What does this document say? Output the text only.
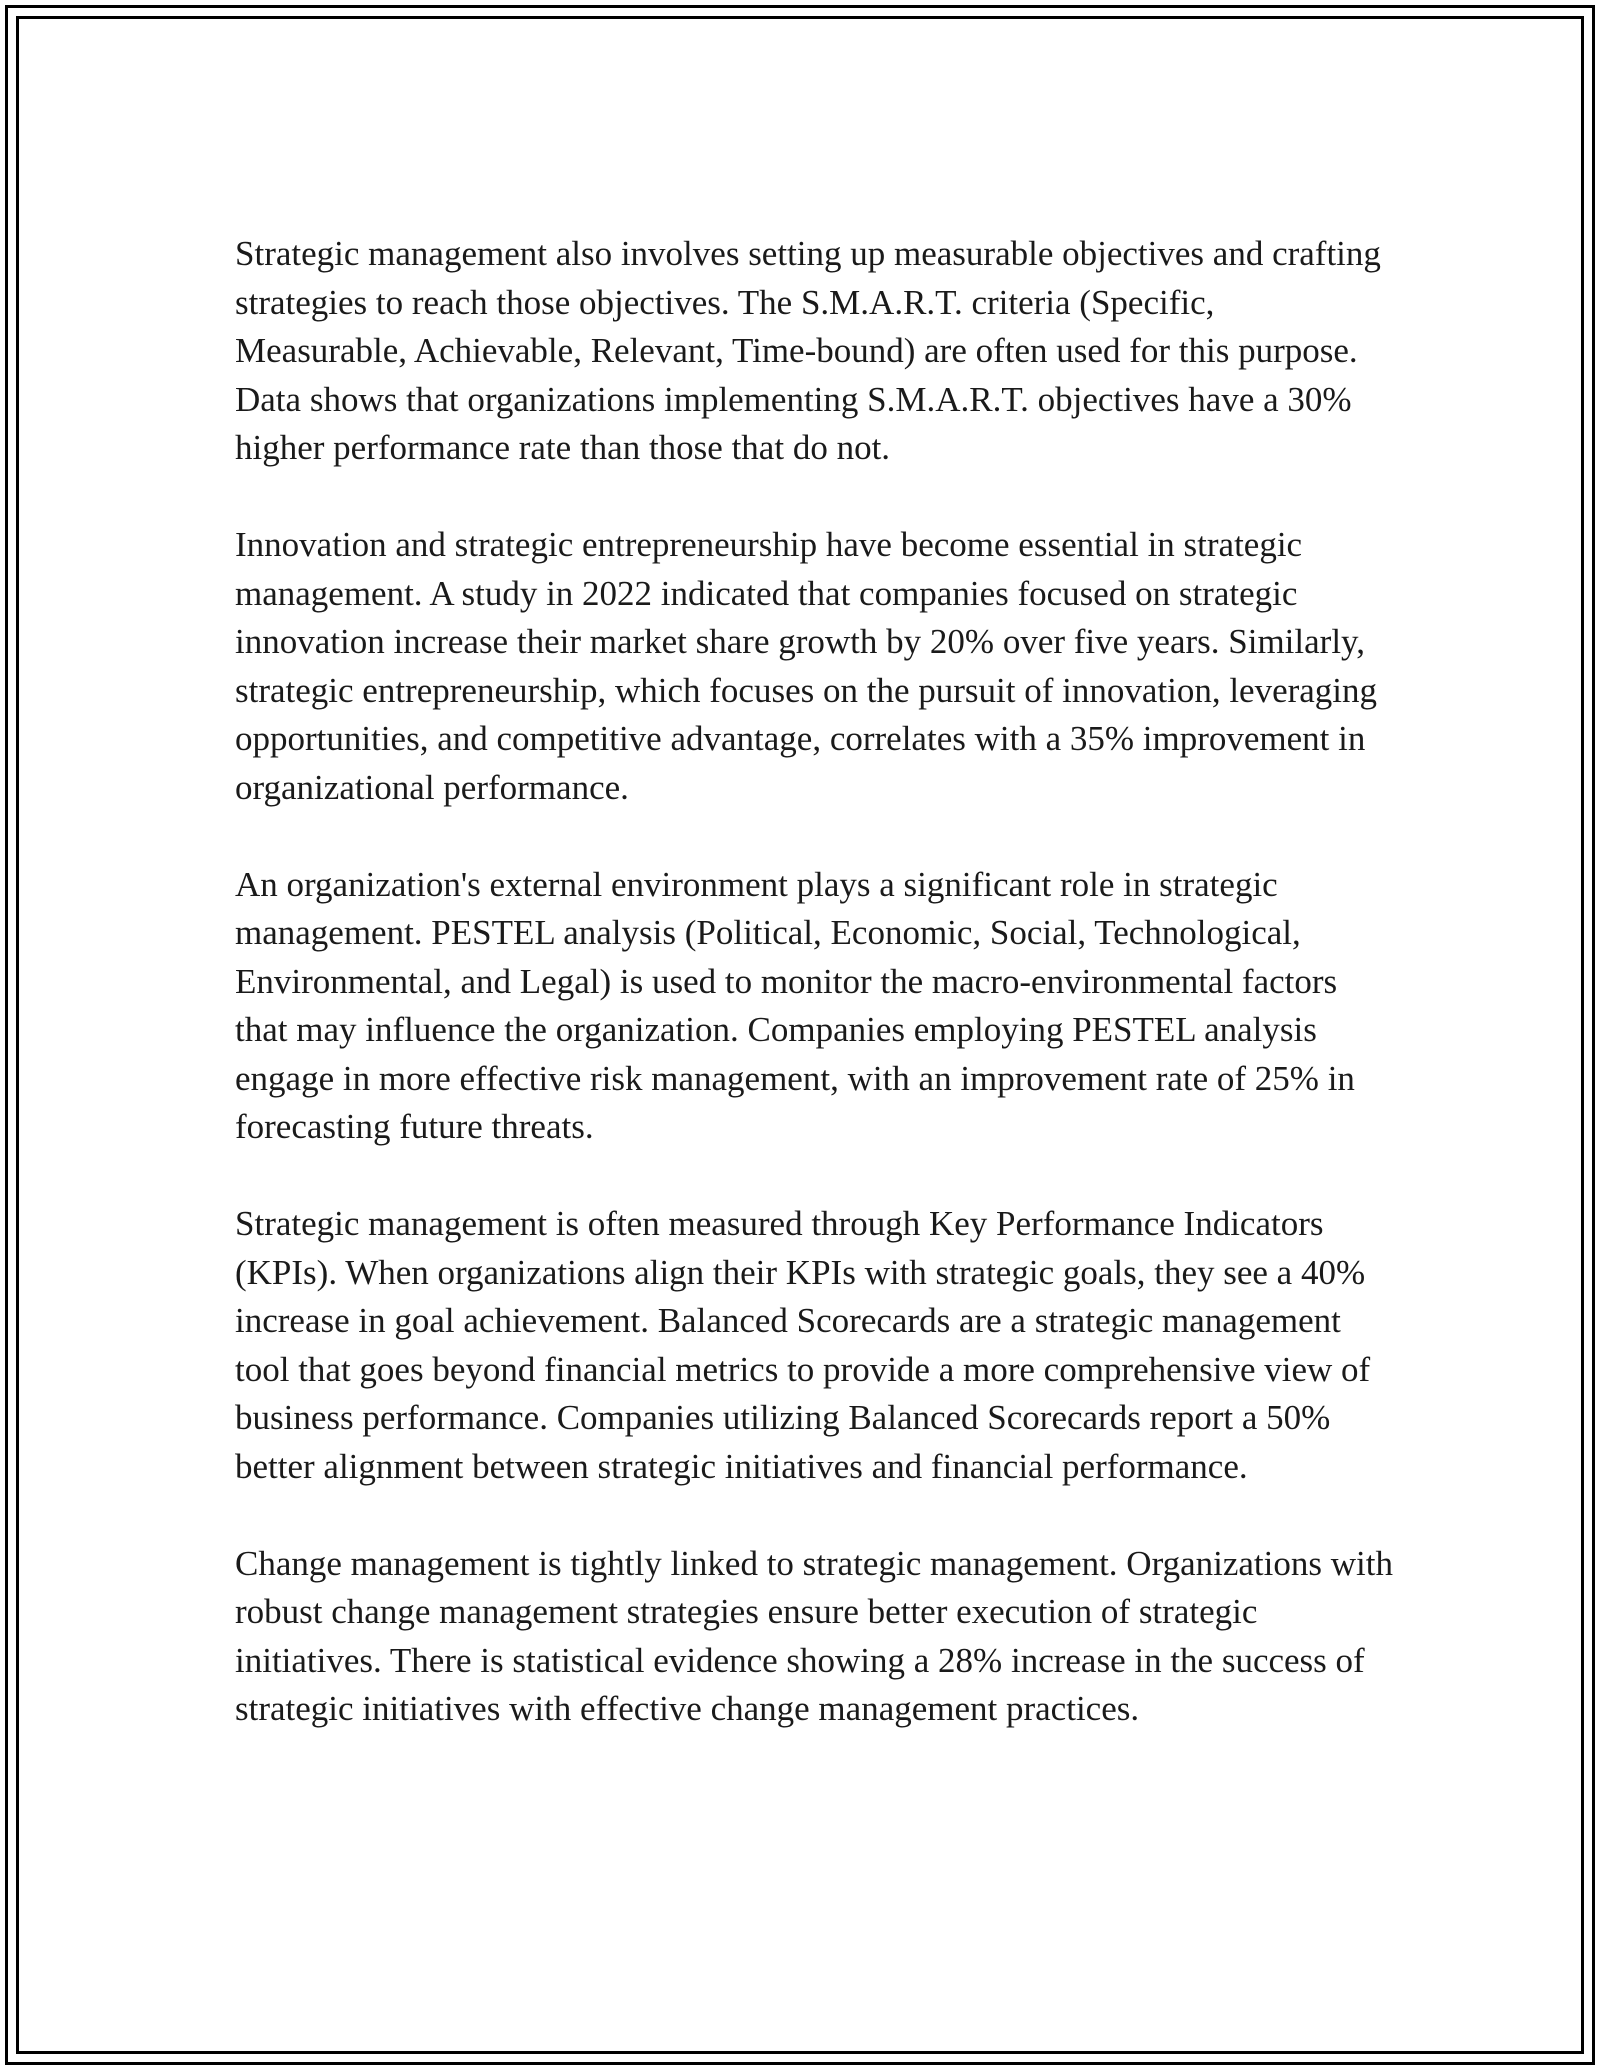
Strategic management also involves setting up measurable objectives and crafting strategies to reach those objectives. The S.M.A.R.T. criteria (Specific, Measurable, Achievable, Relevant, Time-bound) are often used for this purpose. Data shows that organizations implementing S.M.A.R.T. objectives have a 30% higher performance rate than those that do not.

Innovation and strategic entrepreneurship have become essential in strategic management. A study in 2022 indicated that companies focused on strategic innovation increase their market share growth by 20% over five years. Similarly, strategic entrepreneurship, which focuses on the pursuit of innovation, leveraging opportunities, and competitive advantage, correlates with a 35% improvement in organizational performance.

An organization's external environment plays a significant role in strategic management. PESTEL analysis (Political, Economic, Social, Technological, Environmental, and Legal) is used to monitor the macro-environmental factors that may influence the organization. Companies employing PESTEL analysis engage in more effective risk management, with an improvement rate of 25% in forecasting future threats.

Strategic management is often measured through Key Performance Indicators (KPIs). When organizations align their KPIs with strategic goals, they see a 40% increase in goal achievement. Balanced Scorecards are a strategic management tool that goes beyond financial metrics to provide a more comprehensive view of business performance. Companies utilizing Balanced Scorecards report a 50% better alignment between strategic initiatives and financial performance.

Change management is tightly linked to strategic management. Organizations with robust change management strategies ensure better execution of strategic initiatives. There is statistical evidence showing a 28% increase in the success of strategic initiatives with effective change management practices.
